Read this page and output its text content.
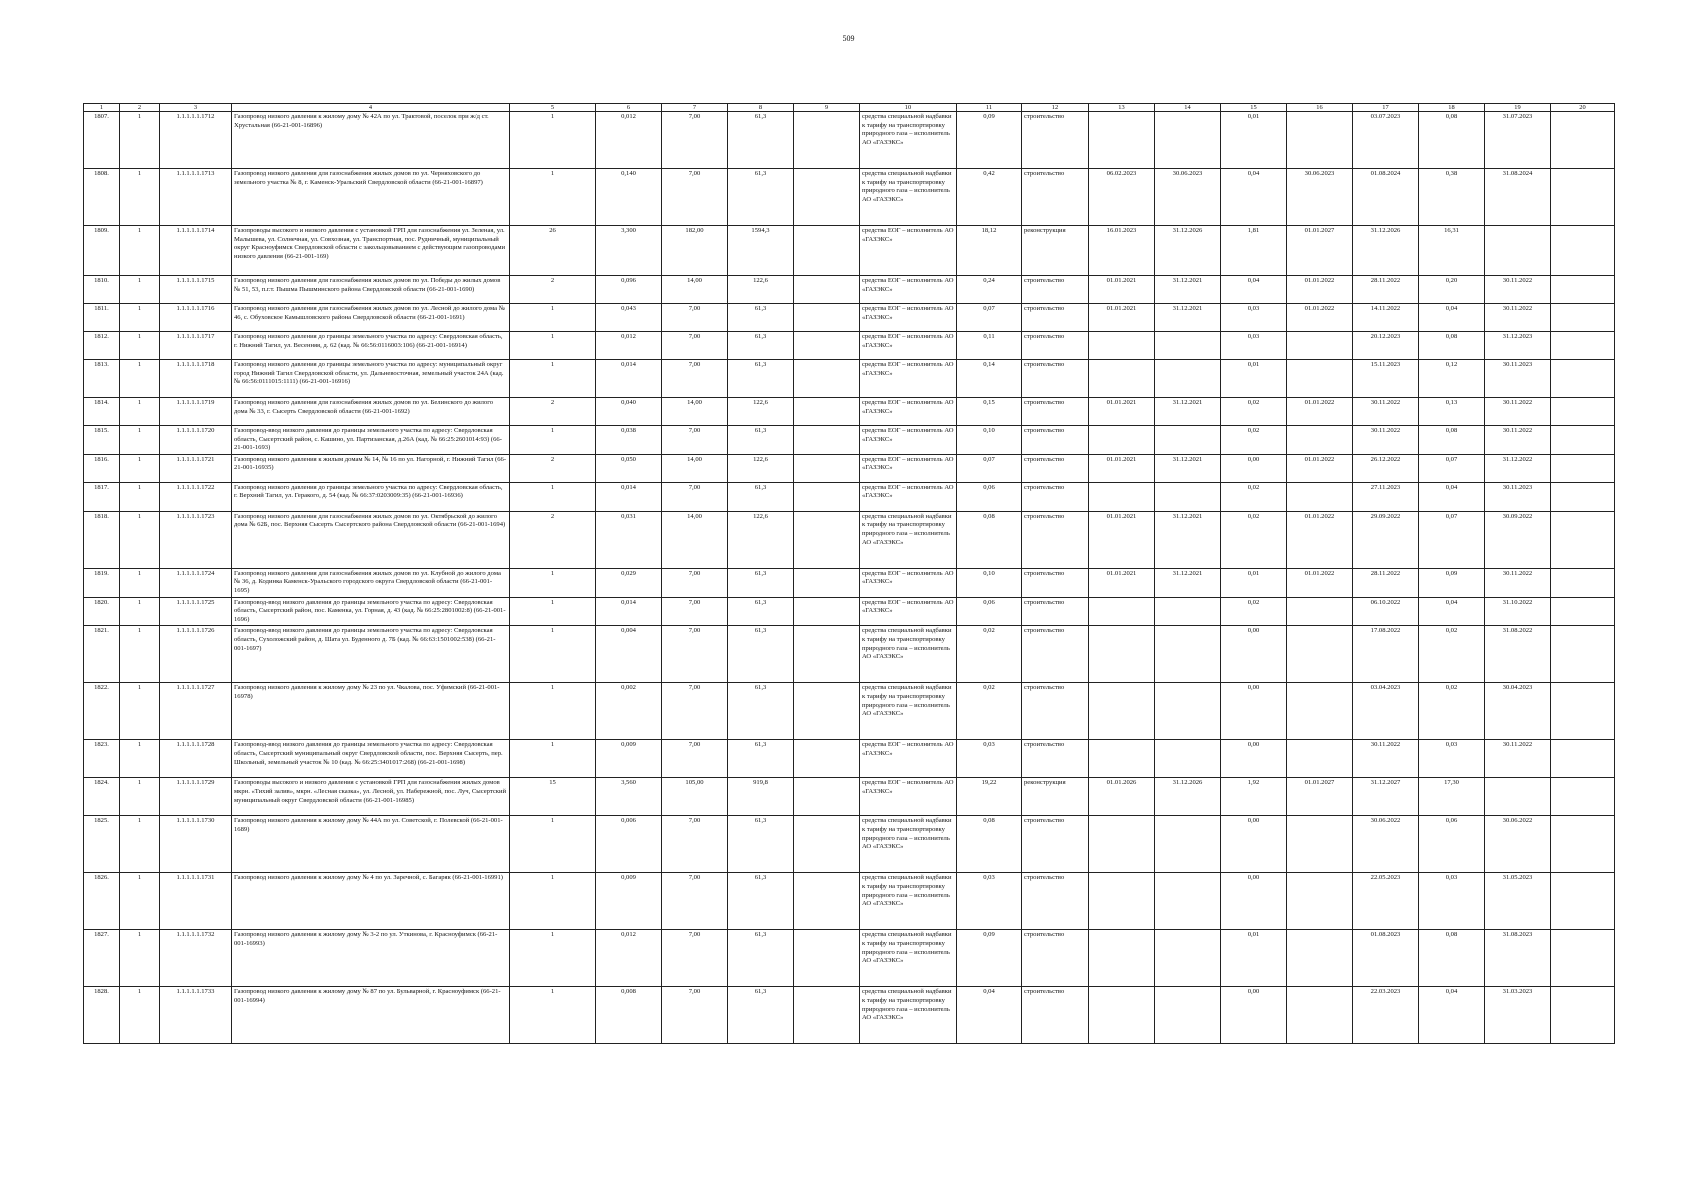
509
1	2	3	4	5	6	7	8	9	10	11	12	13	14	15	16	17	18	19	20
1807.	1	1.1.1.1.1.1712	Газопровод низкого давления к жилому дому № 42А по ул. Трактовой, поселок при ж/д ст. Хрустальная (66-21-001-16896)	1	0,012	7,00	61,3		средства специальной надбавки к тарифу на транспортировку природного газа – исполнитель АО «ГАЗЭКС»	0,09	строительство			0,01		03.07.2023	0,08	31.07.2023	
1808.	1	1.1.1.1.1.1713	Газопровод низкого давления для газоснабжения жилых домов по ул. Черняховского до земельного участка № 8, г. Каменск-Уральский Свердловской области (66-21-001-16897)	1	0,140	7,00	61,3		средства специальной надбавки к тарифу на транспортировку природного газа – исполнитель АО «ГАЗЭКС»	0,42	строительство	06.02.2023	30.06.2023	0,04	30.06.2023	01.08.2024	0,38	31.08.2024	
1809.	1	1.1.1.1.1.1714	Газопроводы высокого и низкого давления с установкой ГРП для газоснабжения ул. Зеленая, ул. Малышева, ул. Солнечная, ул. Совхозная, ул. Транспортная, пос. Рудничный, муниципальный округ Красноуфимск Свердловской области с закольцовыванием с действующим газопроводами низкого давления (66-21-001-169)	26	3,300	182,00	1594,3		средства ЕОГ – исполнитель АО «ГАЗЭКС»	18,12	реконструкция	16.01.2023	31.12.2026	1,81	01.01.2027	31.12.2026	16,31		
1810.	1	1.1.1.1.1.1715	Газопровод низкого давления для газоснабжения жилых домов по ул. Победы до жилых домов № 51, 53, п.г.т. Пышма Пышминского района Свердловской области (66-21-001-1690)	2	0,096	14,00	122,6		средства ЕОГ – исполнитель АО «ГАЗЭКС»	0,24	строительство	01.01.2021	31.12.2021	0,04	01.01.2022	28.11.2022	0,20	30.11.2022	
1811.	1	1.1.1.1.1.1716	Газопровод низкого давления для газоснабжения жилых домов по ул. Лесной до жилого дома № 46, с. Обуховское Камышловского района Свердловской области (66-21-001-1691)	1	0,043	7,00	61,3		средства ЕОГ – исполнитель АО «ГАЗЭКС»	0,07	строительство	01.01.2021	31.12.2021	0,03	01.01.2022	14.11.2022	0,04	30.11.2022	
1812.	1	1.1.1.1.1.1717	Газопровод низкого давления до границы земельного участка по адресу: Свердловская область, г. Нижний Тагил, ул. Весенняя, д. 62 (кад. № 66:56:0116003:106) (66-21-001-16914)	1	0,012	7,00	61,3		средства ЕОГ – исполнитель АО «ГАЗЭКС»	0,11	строительство			0,03		20.12.2023	0,08	31.12.2023	
1813.	1	1.1.1.1.1.1718	Газопровод низкого давления до границы земельного участка по адресу: муниципальный округ город Нижний Тагил Свердловской области, ул. Дальневосточная, земельный участок 24А (кад. № 66:56:0111015:1111) (66-21-001-16916)	1	0,014	7,00	61,3		средства ЕОГ – исполнитель АО «ГАЗЭКС»	0,14	строительство			0,01		15.11.2023	0,12	30.11.2023	
1814.	1	1.1.1.1.1.1719	Газопровод низкого давления для газоснабжения жилых домов по ул. Белинского до жилого дома № 33, г. Сысерть Свердловской области (66-21-001-1692)	2	0,040	14,00	122,6		средства ЕОГ – исполнитель АО «ГАЗЭКС»	0,15	строительство	01.01.2021	31.12.2021	0,02	01.01.2022	30.11.2022	0,13	30.11.2022	
1815.	1	1.1.1.1.1.1720	Газопровод-ввод низкого давления до границы земельного участка по адресу: Свердловская область, Сысертский район, с. Кашино, ул. Партизанская, д.26А (кад. № 66:25:2601014:93) (66-21-001-1693)	1	0,038	7,00	61,3		средства ЕОГ – исполнитель АО «ГАЗЭКС»	0,10	строительство			0,02		30.11.2022	0,08	30.11.2022	
1816.	1	1.1.1.1.1.1721	Газопровод низкого давления к жилым домам № 14, № 16 по ул. Нагорной, г. Нижний Тагил (66-21-001-16935)	2	0,050	14,00	122,6		средства ЕОГ – исполнитель АО «ГАЗЭКС»	0,07	строительство	01.01.2021	31.12.2021	0,00	01.01.2022	26.12.2022	0,07	31.12.2022	
1817.	1	1.1.1.1.1.1722	Газопровод низкого давления до границы земельного участка по адресу: Свердловская область, г. Верхний Тагил, ул. Геракого, д. 54 (кад. № 66:37:0203009:35) (66-21-001-16936)	1	0,014	7,00	61,3		средства ЕОГ – исполнитель АО «ГАЗЭКС»	0,06	строительство			0,02		27.11.2023	0,04	30.11.2023	
1818.	1	1.1.1.1.1.1723	Газопровод низкого давления для газоснабжения жилых домов по ул. Октябрьской до жилого дома № 62Б, пос. Верхняя Сысерть Сысертского района Свердловской области (66-21-001-1694)	2	0,031	14,00	122,6		средства специальной надбавки к тарифу на транспортировку природного газа – исполнитель АО «ГАЗЭКС»	0,08	строительство	01.01.2021	31.12.2021	0,02	01.01.2022	29.09.2022	0,07	30.09.2022	
1819.	1	1.1.1.1.1.1724	Газопровод низкого давления для газоснабжения жилых домов по ул. Клубной до жилого дома № 36, д. Кодинка Каменск-Уральского городского округа Свердловской области (66-21-001-1695)	1	0,029	7,00	61,3		средства ЕОГ – исполнитель АО «ГАЗЭКС»	0,10	строительство	01.01.2021	31.12.2021	0,01	01.01.2022	28.11.2022	0,09	30.11.2022	
1820.	1	1.1.1.1.1.1725	Газопровод-ввод низкого давления до границы земельного участка по адресу: Свердловская область, Сысертский район, пос. Каменка, ул. Горная, д. 43 (кад. № 66:25:2801002:8) (66-21-001-1696)	1	0,014	7,00	61,3		средства ЕОГ – исполнитель АО «ГАЗЭКС»	0,06	строительство			0,02		06.10.2022	0,04	31.10.2022	
1821.	1	1.1.1.1.1.1726	Газопровод-ввод низкого давления до границы земельного участка по адресу: Свердловская область, Сухоложский район, д. Шата ул. Буденного д. 7Б (кад. № 66:63:1501002:538) (66-21-001-1697)	1	0,004	7,00	61,3		средства специальной надбавки к тарифу на транспортировку природного газа – исполнитель АО «ГАЗЭКС»	0,02	строительство			0,00		17.08.2022	0,02	31.08.2022	
1822.	1	1.1.1.1.1.1727	Газопровод низкого давления к жилому дому № 23 по ул. Чкалова, пос. Уфимский (66-21-001-16978)	1	0,002	7,00	61,3		средства специальной надбавки к тарифу на транспортировку природного газа – исполнитель АО «ГАЗЭКС»	0,02	строительство			0,00		03.04.2023	0,02	30.04.2023	
1823.	1	1.1.1.1.1.1728	Газопровод-ввод низкого давления до границы земельного участка по адресу: Свердловская область, Сысертский муниципальный округ Свердловской области, пос. Верхняя Сысерть, пер. Школьный, земельный участок № 10 (кад. № 66:25:3401017:268) (66-21-001-1698)	1	0,009	7,00	61,3		средства ЕОГ – исполнитель АО «ГАЗЭКС»	0,03	строительство			0,00		30.11.2022	0,03	30.11.2022	
1824.	1	1.1.1.1.1.1729	Газопроводы высокого и низкого давления с установкой ГРП для газоснабжения жилых домов мкрн. «Тихий залив», мкрн. «Лесная сказка», ул. Лесной, ул. Набережной, пос. Луч, Сысертский муниципальный округ Свердловской области (66-21-001-16985)	15	3,560	105,00	919,8		средства ЕОГ – исполнитель АО «ГАЗЭКС»	19,22	реконструкция	01.01.2026	31.12.2026	1,92	01.01.2027	31.12.2027	17,30		
1825.	1	1.1.1.1.1.1730	Газопровод низкого давления к жилому дому № 44А по ул. Советской, г. Полевской (66-21-001-1689)	1	0,006	7,00	61,3		средства специальной надбавки к тарифу на транспортировку природного газа – исполнитель АО «ГАЗЭКС»	0,08	строительство			0,00		30.06.2022	0,06	30.06.2022	
1826.	1	1.1.1.1.1.1731	Газопровод низкого давления к жилому дому № 4 по ул. Заречной, с. Багаряк (66-21-001-16991)	1	0,009	7,00	61,3		средства специальной надбавки к тарифу на транспортировку природного газа – исполнитель АО «ГАЗЭКС»	0,03	строительство			0,00		22.05.2023	0,03	31.05.2023	
1827.	1	1.1.1.1.1.1732	Газопровод низкого давления к жилому дому № 3-2 по ул. Уткинова, г. Красноуфимск (66-21-001-16993)	1	0,012	7,00	61,3		средства специальной надбавки к тарифу на транспортировку природного газа – исполнитель АО «ГАЗЭКС»	0,09	строительство			0,01		01.08.2023	0,08	31.08.2023	
1828.	1	1.1.1.1.1.1733	Газопровод низкого давления к жилому дому № 87 по ул. Бульварной, г. Красноуфимск (66-21-001-16994)	1	0,008	7,00	61,3		средства специальной надбавки к тарифу на транспортировку природного газа – исполнитель АО «ГАЗЭКС»	0,04	строительство			0,00		22.03.2023	0,04	31.03.2023	
